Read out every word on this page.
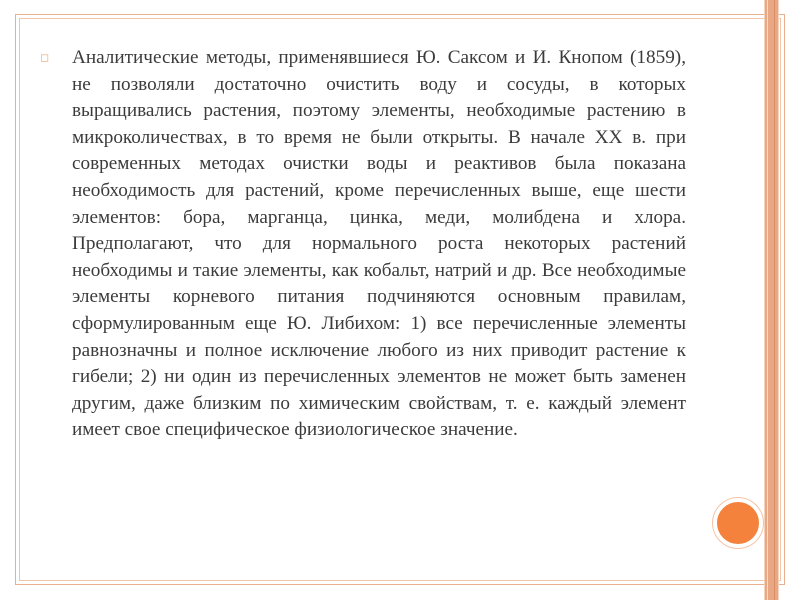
◻ Аналитические методы, применявшиеся Ю. Саксом и И. Кнопом (1859), не позволяли достаточно очистить воду и сосуды, в которых выращивались растения, поэтому элементы, необходимые растению в микроколичествах, в то время не были открыты. В начале XX в. при современных методах очистки воды и реактивов была показана необходимость для растений, кроме перечисленных выше, еще шести элементов: бора, марганца, цинка, меди, молибдена и хлора. Предполагают, что для нормального роста некоторых растений необходимы и такие элементы, как кобальт, натрий и др. Все необходимые элементы корневого питания подчиняются основным правилам, сформулированным еще Ю. Либихом: 1) все перечисленные элементы равнозначны и полное исключение любого из них приводит растение к гибели; 2) ни один из перечисленных элементов не может быть заменен другим, даже близким по химическим свойствам, т. е. каждый элемент имеет свое специфическое физиологическое значение.
